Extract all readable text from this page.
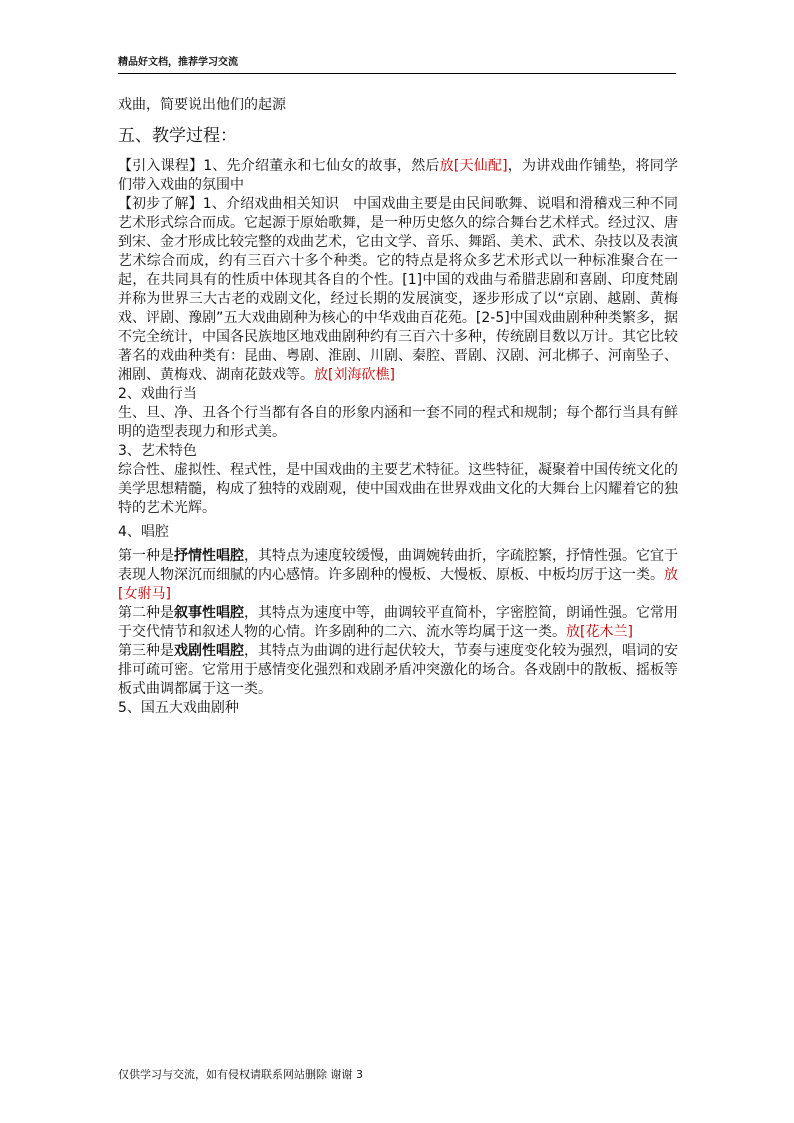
精品好文档，推荐学习交流

戏曲，简要说出他们的起源

五、教学过程：

【引入课程】1、先介绍董永和七仙女的故事，然后放[天仙配]，为讲戏曲作铺垫，将同学们带入戏曲的氛围中

【初步了解】1、介绍戏曲相关知识　中国戏曲主要是由民间歌舞、说唱和滑稽戏三种不同艺术形式综合而成。它起源于原始歌舞，是一种历史悠久的综合舞台艺术样式。经过汉、唐到宋、金才形成比较完整的戏曲艺术，它由文学、音乐、舞蹈、美术、武术、杂技以及表演艺术综合而成，约有三百六十多个种类。它的特点是将众多艺术形式以一种标准聚合在一起，在共同具有的性质中体现其各自的个性。[1]中国的戏曲与希腊悲剧和喜剧、印度梵剧并称为世界三大古老的戏剧文化，经过长期的发展演变，逐步形成了以“京剧、越剧、黄梅戏、评剧、豫剧”五大戏曲剧种为核心的中华戏曲百花苑。[2-5]中国戏曲剧种种类繁多，据不完全统计，中国各民族地区地戏曲剧种约有三百六十多种，传统剧目数以万计。其它比较著名的戏曲种类有：昆曲、粤剧、淮剧、川剧、秦腔、晋剧、汉剧、河北梆子、河南坠子、湘剧、黄梅戏、湖南花鼓戏等。放[刘海砍樵]

2、戏曲行当

生、旦、净、丑各个行当都有各自的形象内涵和一套不同的程式和规制；每个都行当具有鲜明的造型表现力和形式美。

3、艺术特色

综合性、虚拟性、程式性，是中国戏曲的主要艺术特征。这些特征，凝聚着中国传统文化的美学思想精髓，构成了独特的戏剧观，使中国戏曲在世界戏曲文化的大舞台上闪耀着它的独特的艺术光辉。

4、唱腔

第一种是抒情性唱腔，其特点为速度较缓慢，曲调婉转曲折，字疏腔繁，抒情性强。它宜于表现人物深沉而细腻的内心感情。许多剧种的慢板、大慢板、原板、中板均厉于这一类。放[女驸马]

第二种是叙事性唱腔，其特点为速度中等，曲调较平直简朴，字密腔简，朗诵性强。它常用于交代情节和叙述人物的心情。许多剧种的二六、流水等均属于这一类。放[花木兰]

第三种是戏剧性唱腔，其特点为曲调的进行起伏较大，节奏与速度变化较为强烈，唱词的安排可疏可密。它常用于感情变化强烈和戏剧矛盾冲突激化的场合。各戏剧中的散板、摇板等板式曲调都属于这一类。

5、国五大戏曲剧种

仅供学习与交流，如有侵权请联系网站删除 谢谢 3
